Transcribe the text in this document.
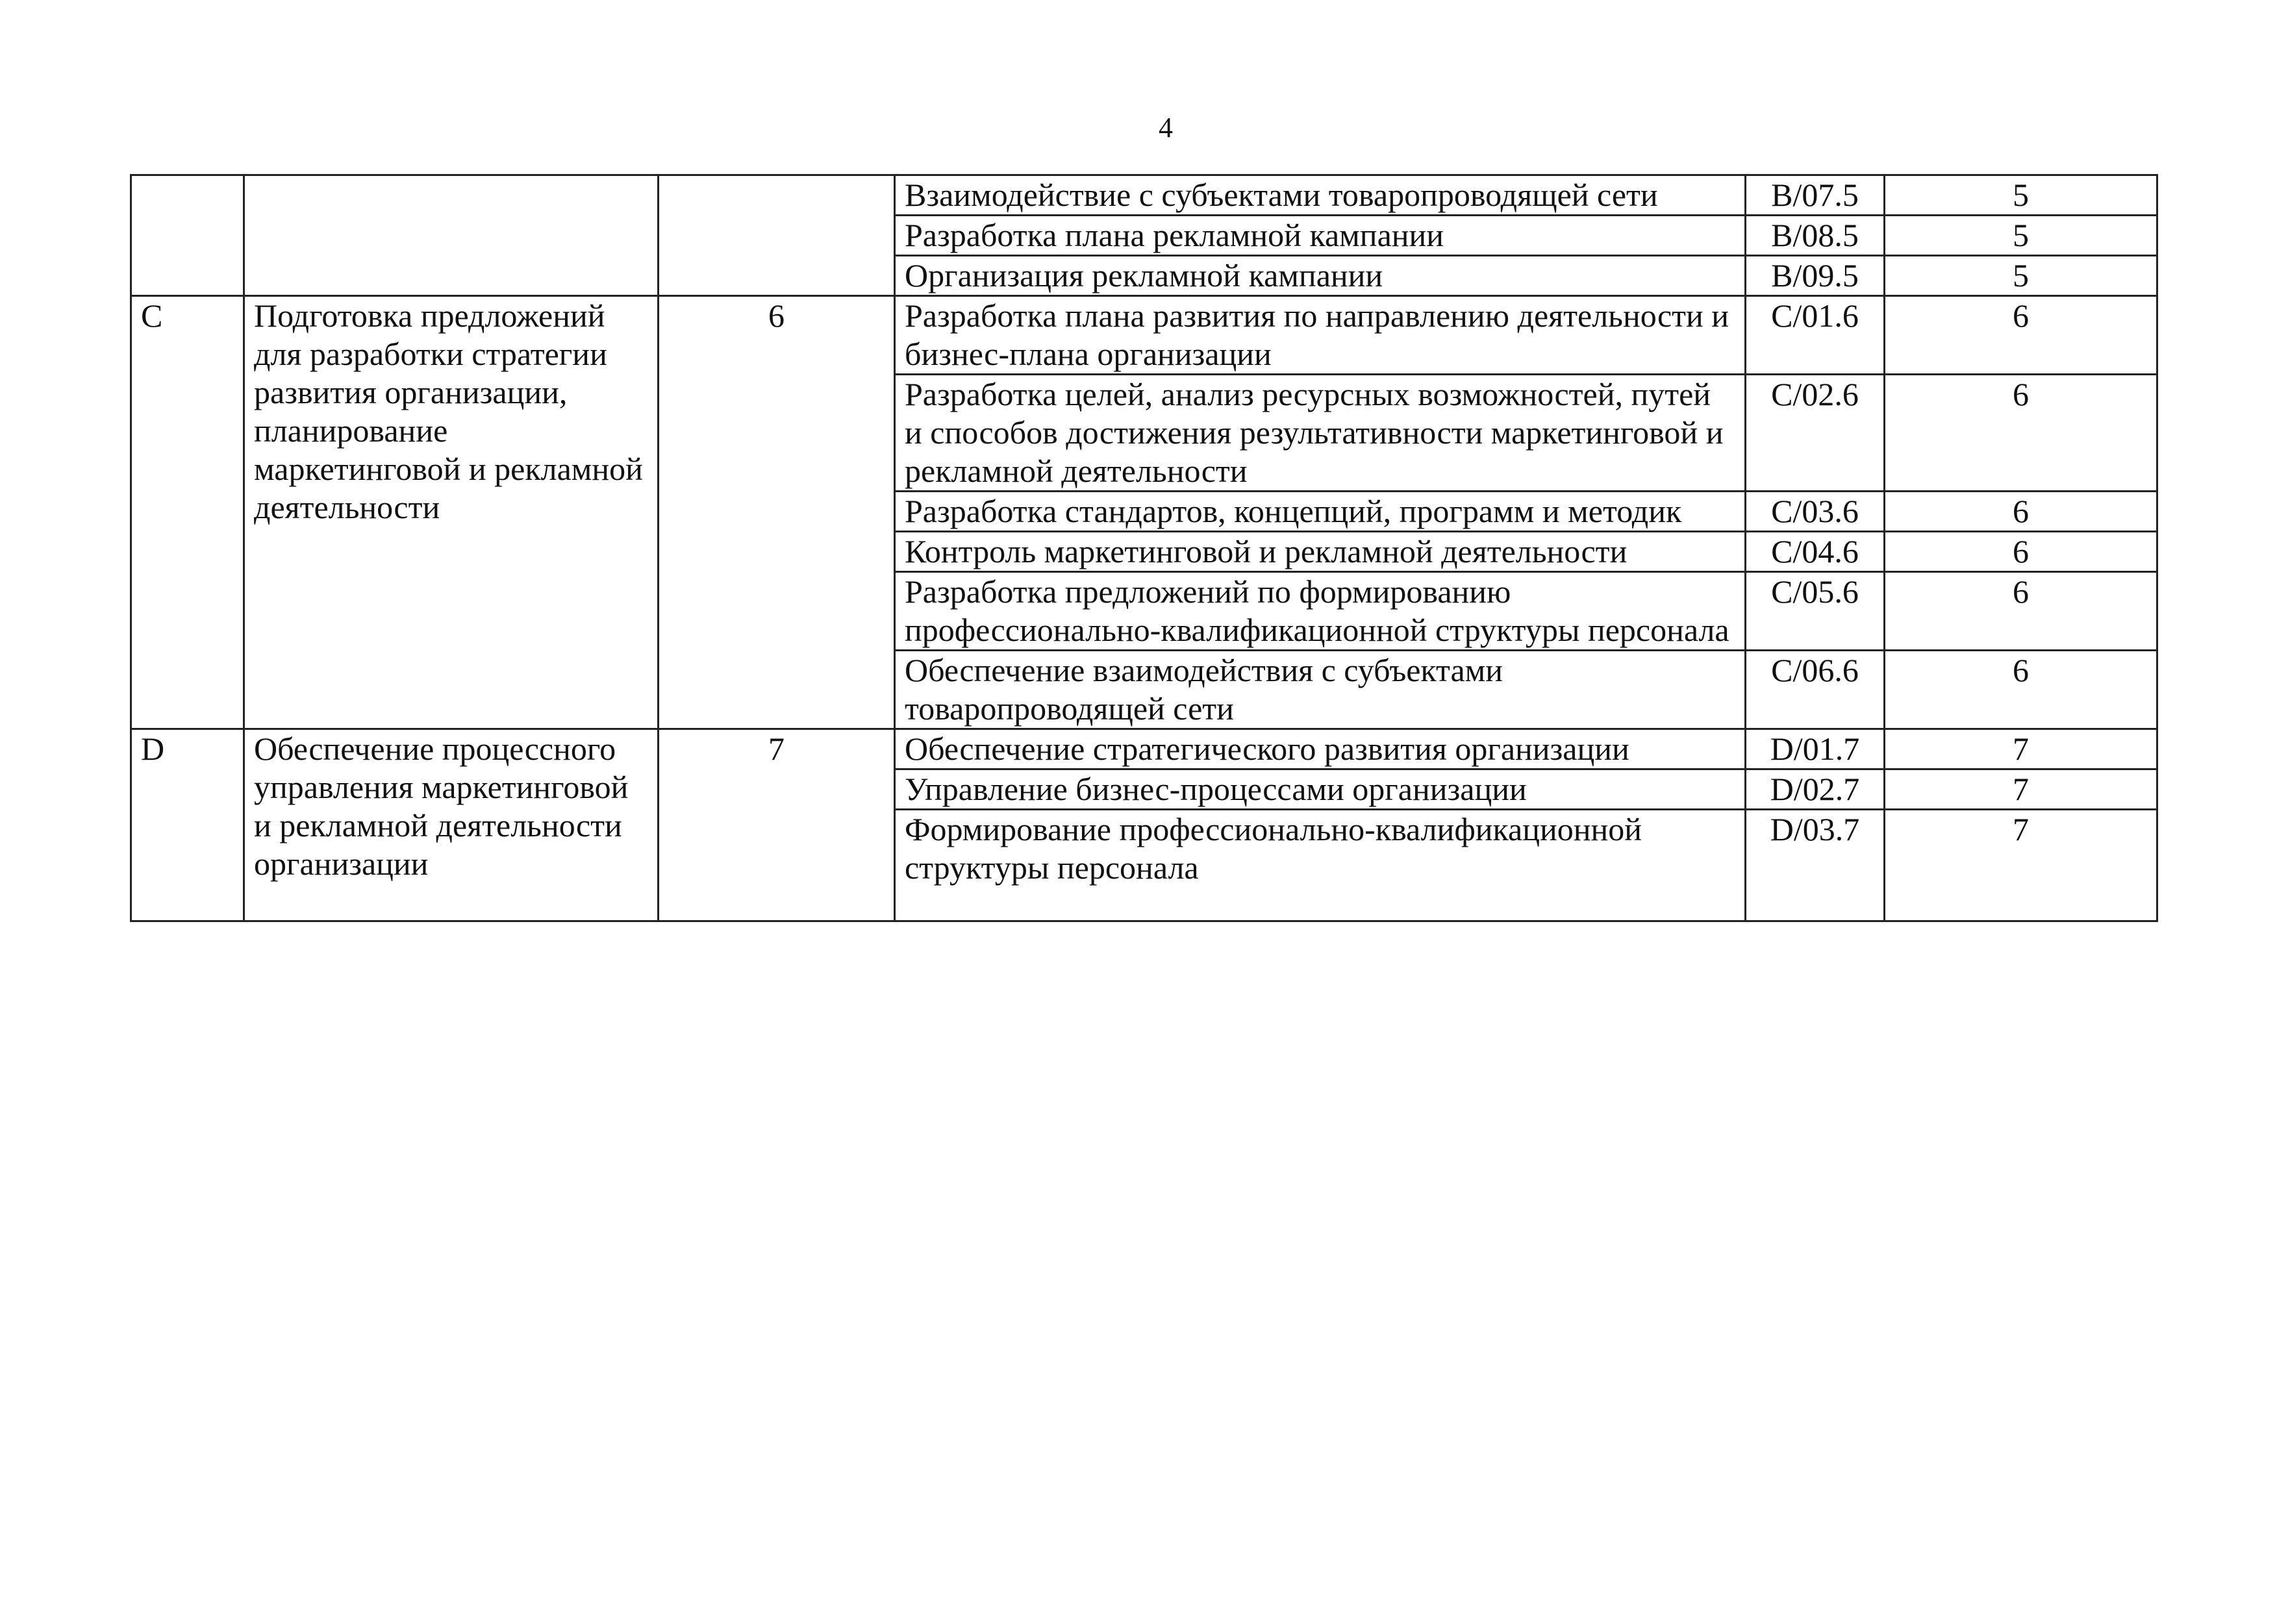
4
			Взаимодействие с субъектами товаропроводящей сети	B/07.5	5
			Разработка плана рекламной кампании	B/08.5	5
			Организация рекламной кампании	B/09.5	5
C	Подготовка предложений для разработки стратегии развития организации, планирование маркетинговой и рекламной деятельности	6	Разработка плана развития по направлению деятельности и бизнес-плана организации	C/01.6	6
			Разработка целей, анализ ресурсных возможностей, путей и способов достижения результативности маркетинговой и рекламной деятельности	C/02.6	6
			Разработка стандартов, концепций, программ и методик	C/03.6	6
			Контроль маркетинговой и рекламной деятельности	C/04.6	6
			Разработка предложений по формированию профессионально-квалификационной структуры персонала	C/05.6	6
			Обеспечение взаимодействия с субъектами товаропроводящей сети	C/06.6	6
D	Обеспечение процессного управления маркетинговой и рекламной деятельности организации	7	Обеспечение стратегического развития организации	D/01.7	7
			Управление бизнес-процессами организации	D/02.7	7
			Формирование профессионально-квалификационной структуры персонала	D/03.7	7
